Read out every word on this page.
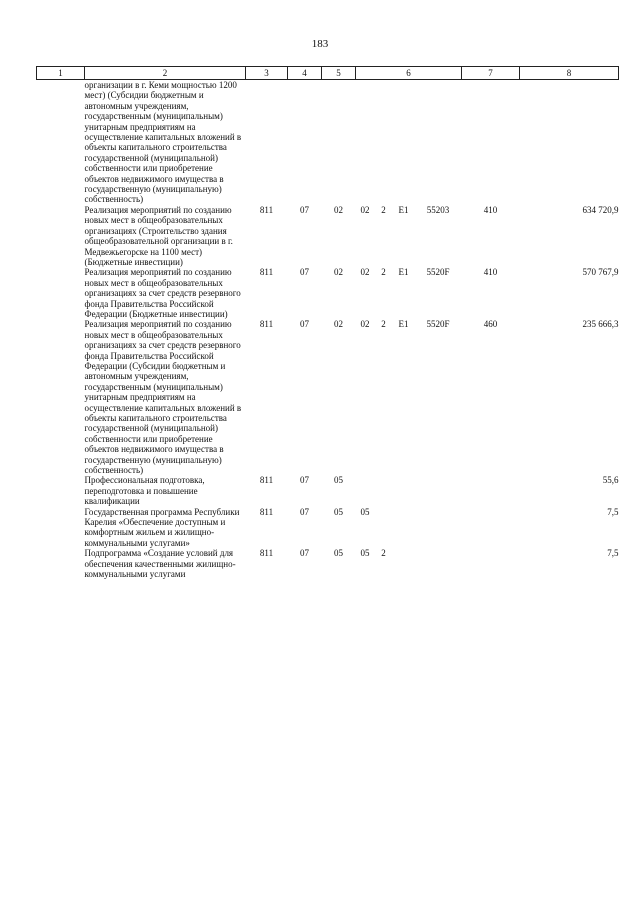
183
1	2	3	4	5	6				7	8
	организации в г. Кеми мощностью 1200 мест) (Субсидии бюджетным и автономным учреждениям, государственным (муниципальным) унитарным предприятиям на осуществление капитальных вложений в объекты капитального строительства государственной (муниципальной) собственности или приобретение объектов недвижимого имущества в государственную (муниципальную) собственность)									
	Реализация мероприятий по созданию новых мест в общеобразовательных организациях (Строительство здания общеобразовательной организации в г. Медвежьегорске на 1100 мест) (Бюджетные инвестиции)	811	07	02	02	2	E1	55203	410	634 720,9
	Реализация мероприятий по созданию новых мест в общеобразовательных организациях за счет средств резервного фонда Правительства Российской Федерации (Бюджетные инвестиции)	811	07	02	02	2	E1	5520F	410	570 767,9
	Реализация мероприятий по созданию новых мест в общеобразовательных организациях за счет средств резервного фонда Правительства Российской Федерации (Субсидии бюджетным и автономным учреждениям, государственным (муниципальным) унитарным предприятиям на осуществление капитальных вложений в объекты капитального строительства государственной (муниципальной) собственности или приобретение объектов недвижимого имущества в государственную (муниципальную) собственность)	811	07	02	02	2	E1	5520F	460	235 666,3
	Профессиональная подготовка, переподготовка и повышение квалификации	811	07	05						55,6
	Государственная программа Республики Карелия «Обеспечение доступным и комфортным жильем и жилищно-коммунальными услугами»	811	07	05	05					7,5
	Подпрограмма «Создание условий для обеспечения качественными жилищно-коммунальными услугами	811	07	05	05	2				7,5
